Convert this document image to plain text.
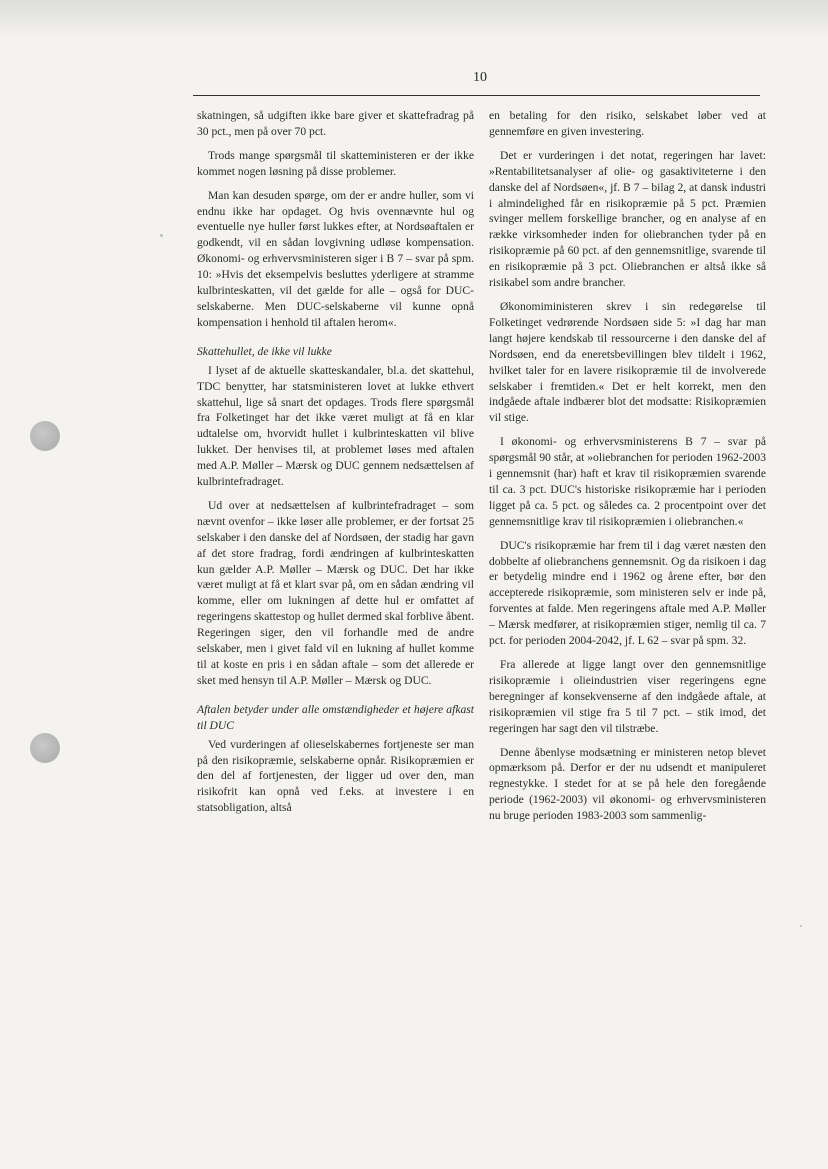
10

skatningen, så udgiften ikke bare giver et skattefradrag på 30 pct., men på over 70 pct.

Trods mange spørgsmål til skatteministeren er der ikke kommet nogen løsning på disse problemer.

Man kan desuden spørge, om der er andre huller, som vi endnu ikke har opdaget. Og hvis ovennævnte hul og eventuelle nye huller først lukkes efter, at Nordsøaftalen er godkendt, vil en sådan lovgivning udløse kompensation. Økonomi- og erhvervsministeren siger i B 7 – svar på spm. 10: »Hvis det eksempelvis besluttes yderligere at stramme kulbrinteskatten, vil det gælde for alle – også for DUC-selskaberne. Men DUC-selskaberne vil kunne opnå kompensation i henhold til aftalen herom«.

Skattehullet, de ikke vil lukke

I lyset af de aktuelle skatteskandaler, bl.a. det skattehul, TDC benytter, har statsministeren lovet at lukke ethvert skattehul, lige så snart det opdages. Trods flere spørgsmål fra Folketinget har det ikke været muligt at få en klar udtalelse om, hvorvidt hullet i kulbrinteskatten vil blive lukket. Der henvises til, at problemet løses med aftalen med A.P. Møller – Mærsk og DUC gennem nedsættelsen af kulbrintefradraget.

Ud over at nedsættelsen af kulbrintefradraget – som nævnt ovenfor – ikke løser alle problemer, er der fortsat 25 selskaber i den danske del af Nordsøen, der stadig har gavn af det store fradrag, fordi ændringen af kulbrinteskatten kun gælder A.P. Møller – Mærsk og DUC. Det har ikke været muligt at få et klart svar på, om en sådan ændring vil komme, eller om lukningen af dette hul er omfattet af regeringens skattestop og hullet dermed skal forblive åbent. Regeringen siger, den vil forhandle med de andre selskaber, men i givet fald vil en lukning af hullet komme til at koste en pris i en sådan aftale – som det allerede er sket med hensyn til A.P. Møller – Mærsk og DUC.

Aftalen betyder under alle omstændigheder et højere afkast til DUC

Ved vurderingen af olieselskabernes fortjeneste ser man på den risikopræmie, selskaberne opnår. Risikopræmien er den del af fortjenesten, der ligger ud over den, man risikofrit kan opnå ved f.eks. at investere i en statsobligation, altså

en betaling for den risiko, selskabet løber ved at gennemføre en given investering.

Det er vurderingen i det notat, regeringen har lavet: »Rentabilitetsanalyser af olie- og gasaktiviteterne i den danske del af Nordsøen«, jf. B 7 – bilag 2, at dansk industri i almindelighed får en risikopræmie på 5 pct. Præmien svinger mellem forskellige brancher, og en analyse af en række virksomheder inden for oliebranchen tyder på en risikopræmie på 60 pct. af den gennemsnitlige, svarende til en risikopræmie på 3 pct. Oliebranchen er altså ikke så risikabel som andre brancher.

Økonomiministeren skrev i sin redegørelse til Folketinget vedrørende Nordsøen side 5: »I dag har man langt højere kendskab til ressourcerne i den danske del af Nordsøen, end da eneretsbevillingen blev tildelt i 1962, hvilket taler for en lavere risikopræmie til de involverede selskaber i fremtiden.« Det er helt korrekt, men den indgåede aftale indbærer blot det modsatte: Risikopræmien vil stige.

I økonomi- og erhvervsministerens B 7 – svar på spørgsmål 90 står, at »oliebranchen for perioden 1962-2003 i gennemsnit (har) haft et krav til risikopræmien svarende til ca. 3 pct. DUC's historiske risikopræmie har i perioden ligget på ca. 5 pct. og således ca. 2 procentpoint over det gennemsnitlige krav til risikopræmien i oliebranchen.«

DUC's risikopræmie har frem til i dag været næsten den dobbelte af oliebranchens gennemsnit. Og da risikoen i dag er betydelig mindre end i 1962 og årene efter, bør den accepterede risikopræmie, som ministeren selv er inde på, forventes at falde. Men regeringens aftale med A.P. Møller – Mærsk medfører, at risikopræmien stiger, nemlig til ca. 7 pct. for perioden 2004-2042, jf. L 62 – svar på spm. 32.

Fra allerede at ligge langt over den gennemsnitlige risikopræmie i olieindustrien viser regeringens egne beregninger af konsekvenserne af den indgåede aftale, at risikopræmien vil stige fra 5 til 7 pct. – stik imod, det regeringen har sagt den vil tilstræbe.

Denne åbenlyse modsætning er ministeren netop blevet opmærksom på. Derfor er der nu udsendt et manipuleret regnestykke. I stedet for at se på hele den foregående periode (1962-2003) vil økonomi- og erhvervsministeren nu bruge perioden 1983-2003 som sammenlig-
